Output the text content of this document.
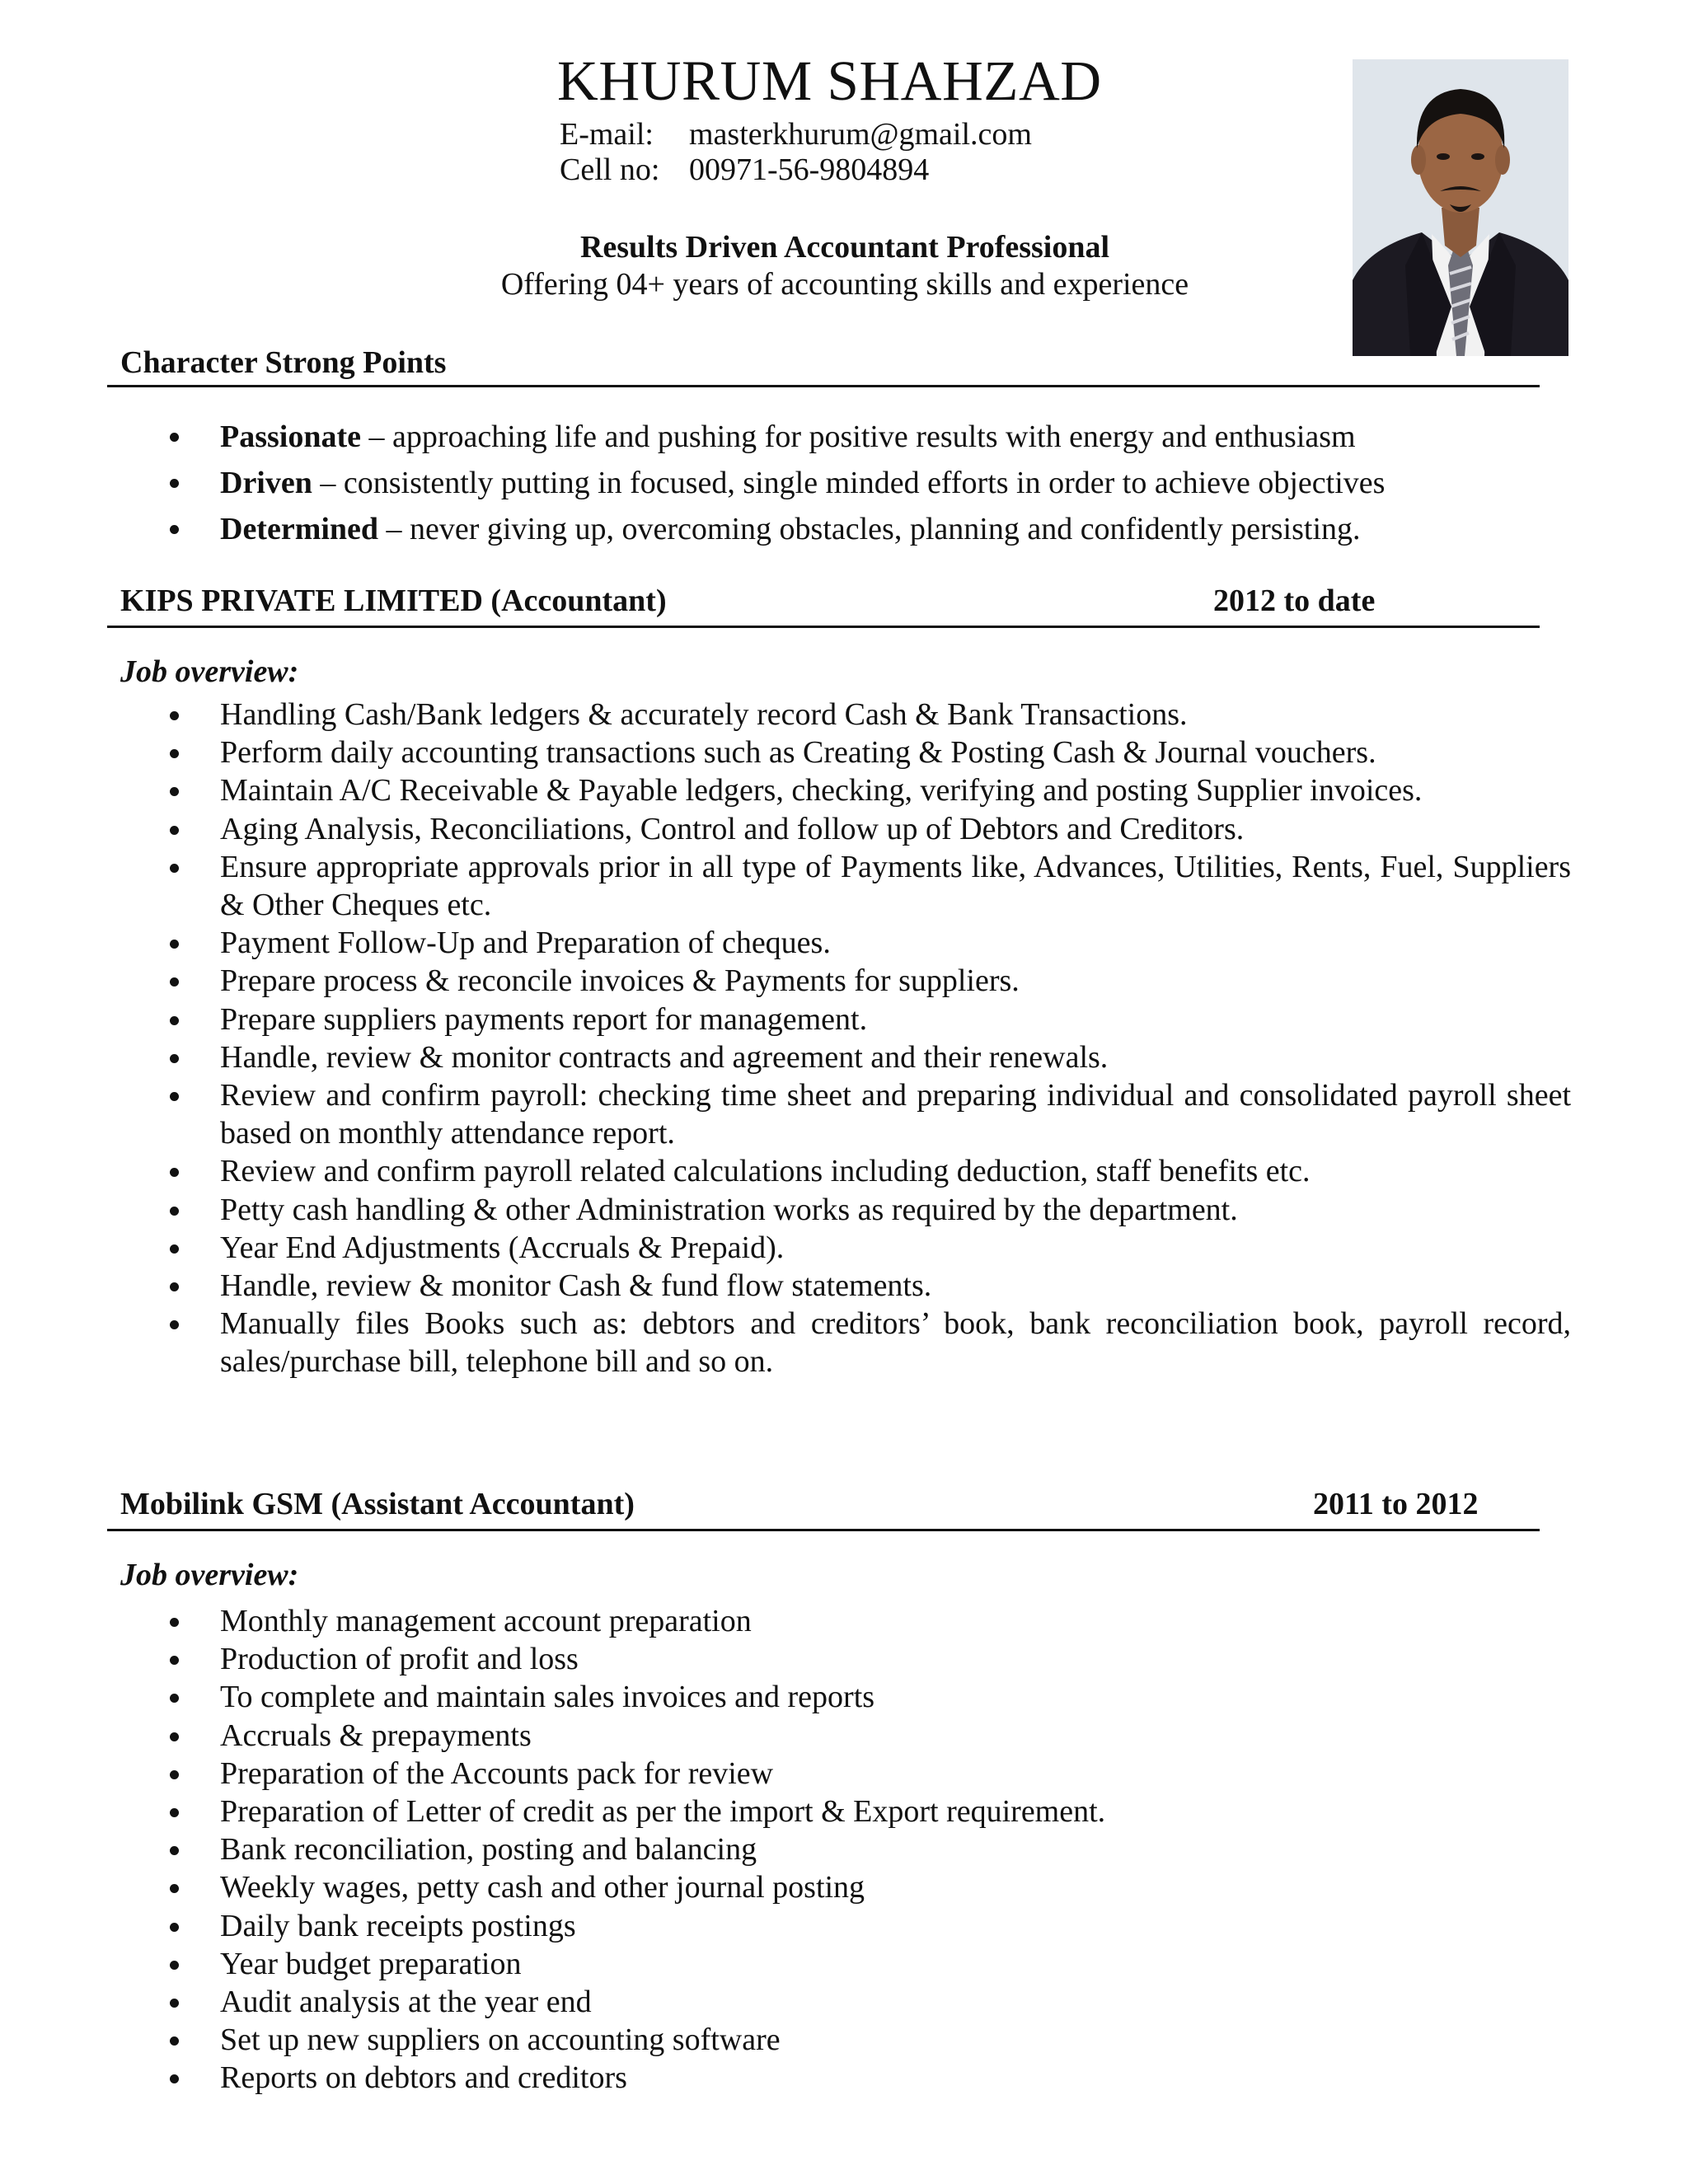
KHURUM SHAHZAD
E-mail: masterkhurum@gmail.com
Cell no: 00971-56-9804894
Results Driven Accountant Professional
Offering 04+ years of accounting skills and experience
Character Strong Points
Passionate – approaching life and pushing for positive results with energy and enthusiasm
Driven – consistently putting in focused, single minded efforts in order to achieve objectives
Determined – never giving up, overcoming obstacles, planning and confidently persisting.
KIPS PRIVATE LIMITED (Accountant)	2012 to date
Job overview:
Handling Cash/Bank ledgers & accurately record Cash & Bank Transactions.
Perform daily accounting transactions such as Creating & Posting Cash & Journal vouchers.
Maintain A/C Receivable & Payable ledgers, checking, verifying and posting Supplier invoices.
Aging Analysis, Reconciliations, Control and follow up of Debtors and Creditors.
Ensure appropriate approvals prior in all type of Payments like, Advances, Utilities, Rents, Fuel, Suppliers & Other Cheques etc.
Payment Follow-Up and Preparation of cheques.
Prepare process & reconcile invoices & Payments for suppliers.
Prepare suppliers payments report for management.
Handle, review & monitor contracts and agreement and their renewals.
Review and confirm payroll: checking time sheet and preparing individual and consolidated payroll sheet based on monthly attendance report.
Review and confirm payroll related calculations including deduction, staff benefits etc.
Petty cash handling & other Administration works as required by the department.
Year End Adjustments (Accruals & Prepaid).
Handle, review & monitor Cash & fund flow statements.
Manually files Books such as: debtors and creditors’ book, bank reconciliation book, payroll record, sales/purchase bill, telephone bill and so on.
Mobilink GSM (Assistant Accountant)	2011 to 2012
Job overview:
Monthly management account preparation
Production of profit and loss
To complete and maintain sales invoices and reports
Accruals & prepayments
Preparation of the Accounts pack for review
Preparation of Letter of credit as per the import & Export requirement.
Bank reconciliation, posting and balancing
Weekly wages, petty cash and other journal posting
Daily bank receipts postings
Year budget preparation
Audit analysis at the year end
Set up new suppliers on accounting software
Reports on debtors and creditors
